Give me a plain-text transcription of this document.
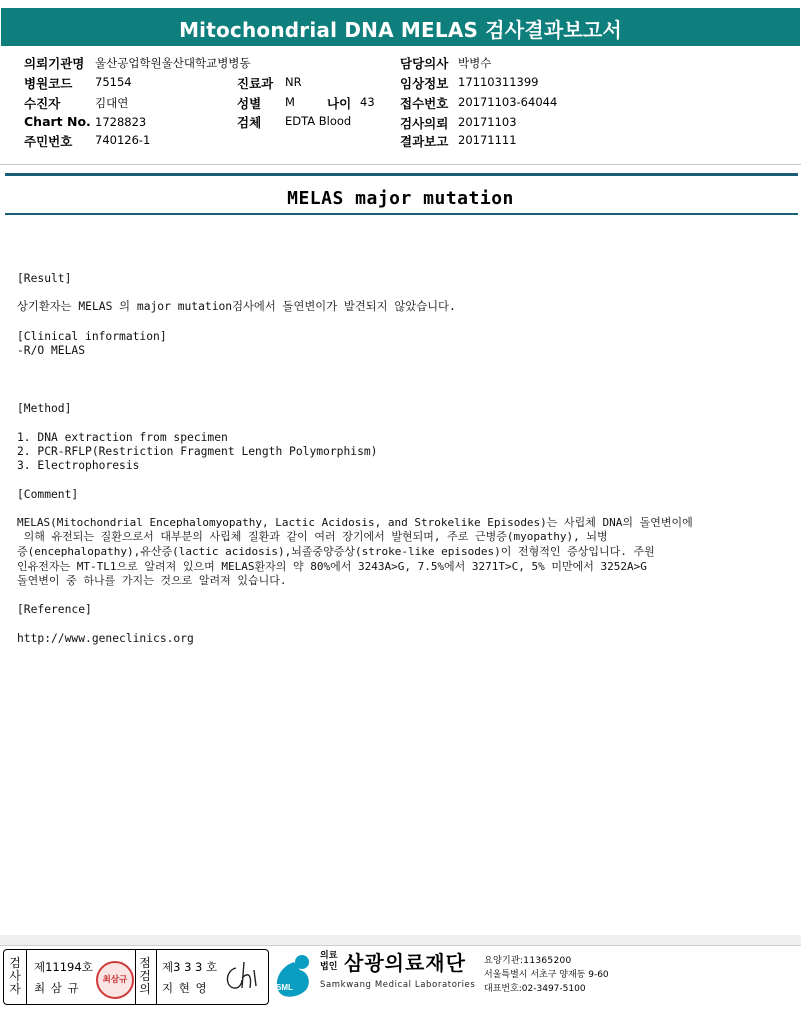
Mitochondrial DNA MELAS 검사결과보고서
의뢰기관명 울산공업학원울산대학교병병동	담당의사 박병수
병원코드 75154	진료과 NR	임상정보 17110311399
수진자	김대연	성별 M	나이 43 접수번호 20171103-64044
Chart No. 1728823	검체 EDTA Blood	검사의뢰 20171103
주민번호 740126-1	결과보고 20171111
MELAS major mutation
[Result]
상기환자는 MELAS 의 major mutation검사에서 돌연변이가 발견되지 않았습니다.
[Clinical information]
-R/O MELAS
[Method]
1. DNA extraction from specimen
2. PCR-RFLP(Restriction Fragment Length Polymorphism)
3. Electrophoresis
[Comment]
MELAS(Mitochondrial Encephalomyopathy, Lactic Acidosis, and Strokelike Episodes)는 사립체 DNA의 돌연변이에
의해 유전되는 질환으로서 대부분의 사립체 질환과 같이 여러 장기에서 발현되며, 주로 근병증(myopathy), 뇌병
증(encephalopathy),유산증(lactic acidosis),뇌졸중양증상(stroke-like episodes)이 전형적인 증상입니다. 주원
인유전자는 MT-TL1으로 알려져 있으며 MELAS환자의 약 80%에서 3243A>G, 7.5%에서 3271T>C, 5% 미만에서 3252A>G
돌연변이 중 하나를 가지는 것으로 알려져 있습니다.
[Reference]
http://www.geneclinics.org
검
사
자
제11194호
최 삼 규
최삼규
점
검
의
제3 3 3 호
지 현 영	SML
의료
법인 삼광의료재단
Samkwang Medical Laboratories
요양기관:11365200
서울특별시 서초구 양재동 9-60
대표번호:02-3497-5100
